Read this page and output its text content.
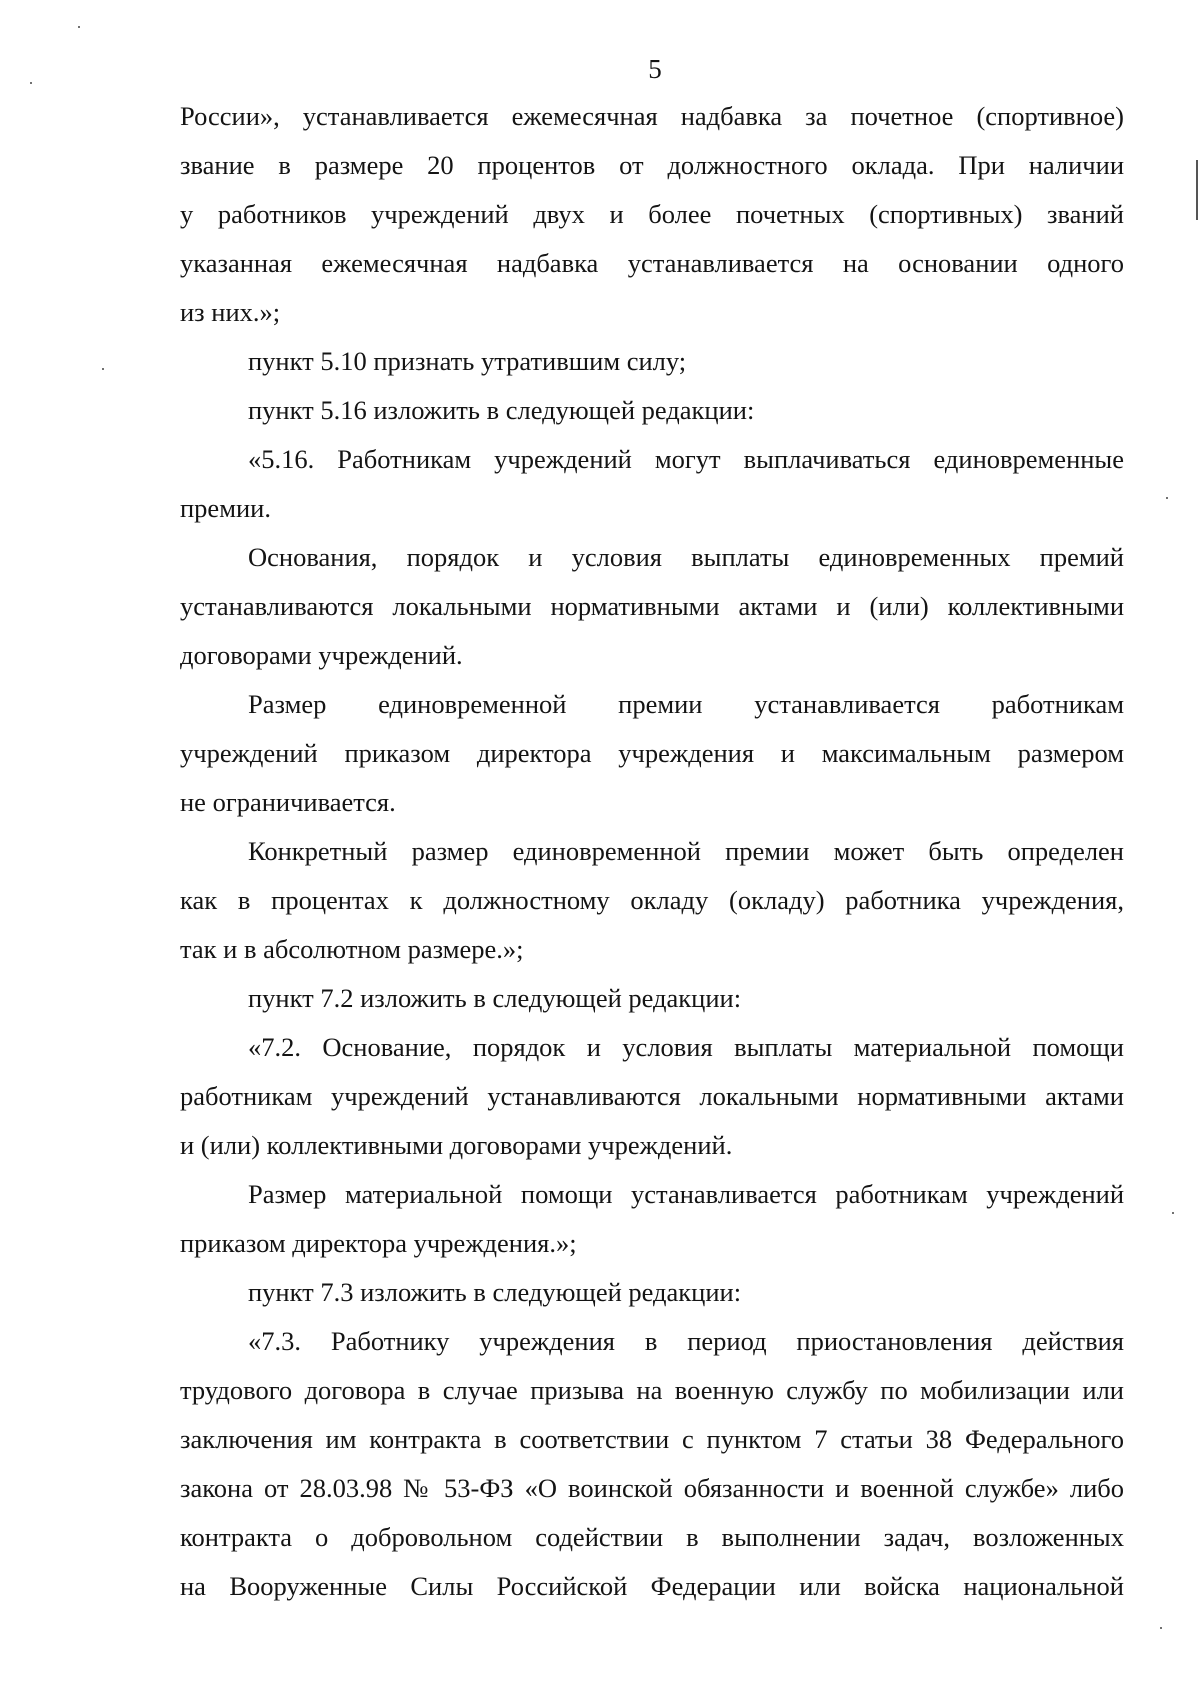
5
России», устанавливается ежемесячная надбавка за почетное (спортивное)
звание в размере 20 процентов от должностного оклада. При наличии
у работников учреждений двух и более почетных (спортивных) званий
указанная ежемесячная надбавка устанавливается на основании одного
из них.»;
пункт 5.10 признать утратившим силу;
пункт 5.16 изложить в следующей редакции:
«5.16. Работникам учреждений могут выплачиваться единовременные
премии.
Основания, порядок и условия выплаты единовременных премий
устанавливаются локальными нормативными актами и (или) коллективными
договорами учреждений.
Размер единовременной премии устанавливается работникам
учреждений приказом директора учреждения и максимальным размером
не ограничивается.
Конкретный размер единовременной премии может быть определен
как в процентах к должностному окладу (окладу) работника учреждения,
так и в абсолютном размере.»;
пункт 7.2 изложить в следующей редакции:
«7.2. Основание, порядок и условия выплаты материальной помощи
работникам учреждений устанавливаются локальными нормативными актами
и (или) коллективными договорами учреждений.
Размер материальной помощи устанавливается работникам учреждений
приказом директора учреждения.»;
пункт 7.3 изложить в следующей редакции:
«7.3. Работнику учреждения в период приостановления действия
трудового договора в случае призыва на военную службу по мобилизации или
заключения им контракта в соответствии с пунктом 7 статьи 38 Федерального
закона от 28.03.98 № 53-ФЗ «О воинской обязанности и военной службе» либо
контракта о добровольном содействии в выполнении задач, возложенных
на Вооруженные Силы Российской Федерации или войска национальной
